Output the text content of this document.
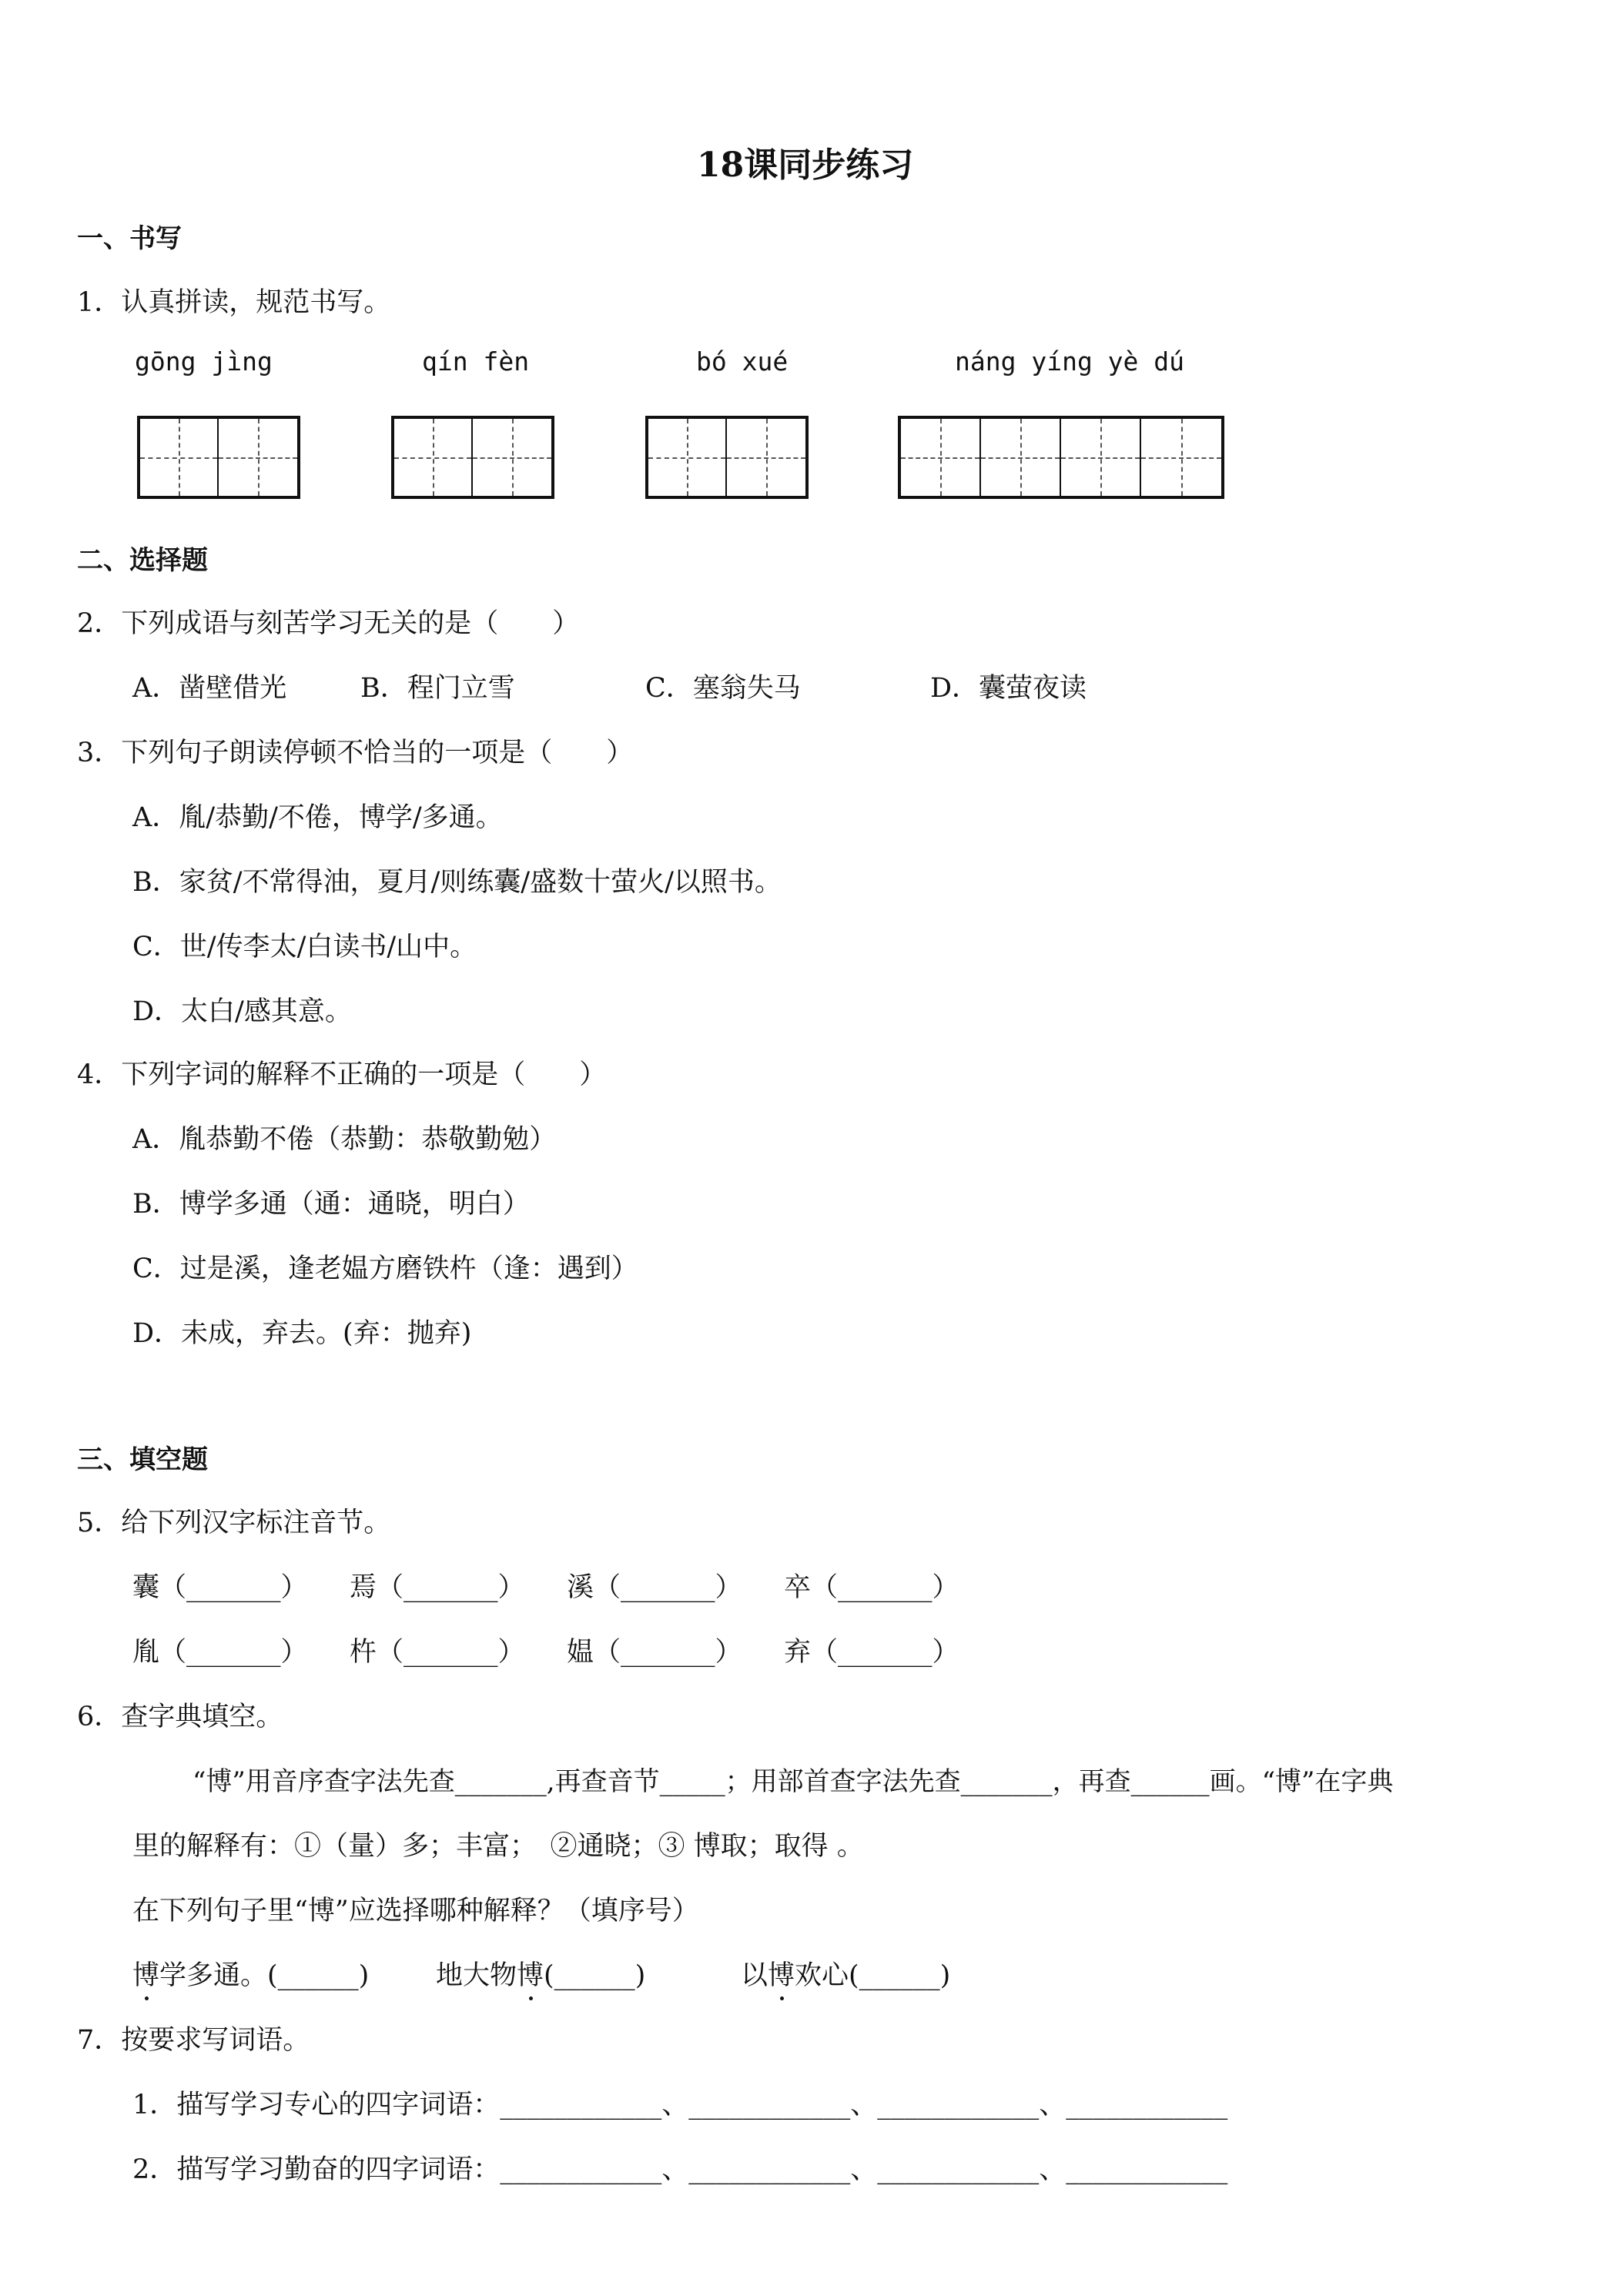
18课同步练习
一、书写
1．认真拼读，规范书写。
gōng jìng	qín fèn	bó xué	náng yíng yè dú
二、选择题
2．下列成语与刻苦学习无关的是（　　）
A．凿壁借光	B．程门立雪	C．塞翁失马	D．囊萤夜读
3．下列句子朗读停顿不恰当的一项是（　　）
A．胤/恭勤/不倦，博学/多通。
B．家贫/不常得油，夏月/则练囊/盛数十萤火/以照书。
C．世/传李太/白读书/山中。
D．太白/感其意。
4．下列字词的解释不正确的一项是（　　）
A．胤恭勤不倦（恭勤：恭敬勤勉）
B．博学多通（通：通晓，明白）
C．过是溪，逢老媪方磨铁杵（逢：遇到）
D．未成，弃去。(弃：抛弃)
三、填空题
5．给下列汉字标注音节。
囊（_______） 焉（_______） 溪（_______） 卒（_______）
胤（_______） 杵（_______） 媪（_______） 弃（_______）
6．查字典填空。
“博”用音序查字法先查_______,再查音节_____；用部首查字法先查_______，再查______画。“博”在字典
里的解释有：①（量）多；丰富；　②通晓；③ 博取；取得 。
在下列句子里“博”应选择哪种解释？（填序号）
博学多通。(______) 地大物博(______)	以博欢心(______)
7．按要求写词语。
1．描写学习专心的四字词语：____________、____________、____________、____________
2．描写学习勤奋的四字词语：____________、____________、____________、____________
